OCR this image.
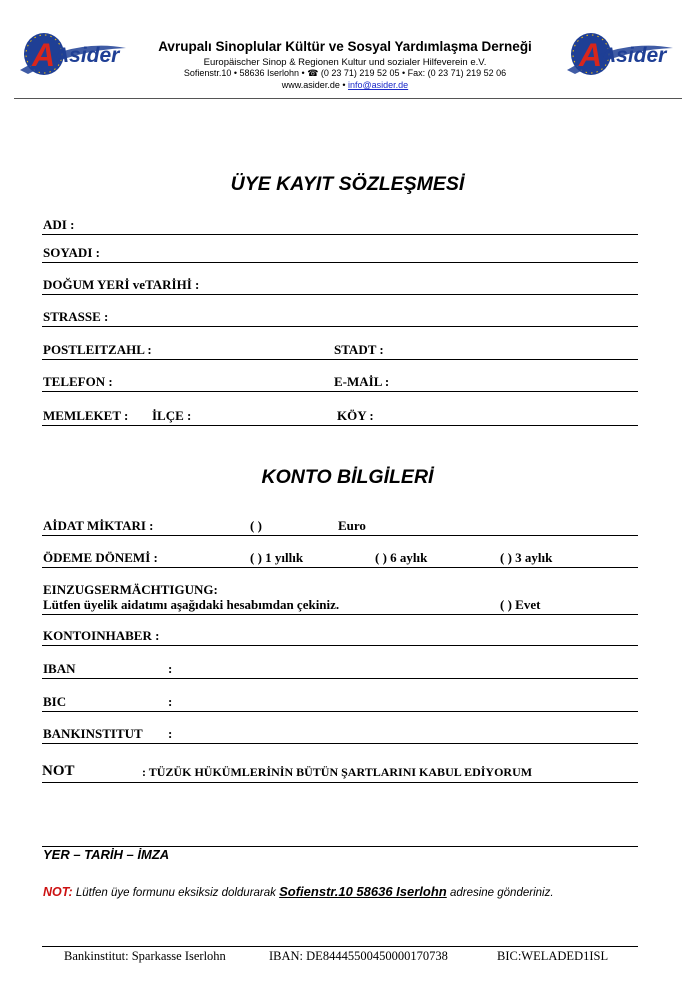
A
Asider	A
Asider
Avrupalı Sinoplular Kültür ve Sosyal Yardımlaşma Derneği
Europäischer Sinop & Regionen Kultur und sozialer Hilfeverein e.V.
Sofienstr.10 • 58636 Iserlohn • ☎ (0 23 71) 219 52 05 • Fax: (0 23 71) 219 52 06
www.asider.de • info@asider.de
ÜYE KAYIT SÖZLEŞMESİ
ADI :
SOYADI :
DOĞUM YERİ veTARİHİ :
STRASSE :
POSTLEITZAHL :	STADT :
TELEFON :	E-MAİL :
MEMLEKET : İLÇE :	KÖY :
KONTO BİLGİLERİ
AİDAT MİKTARI :	( )	Euro
ÖDEME DÖNEMİ :	( ) 1 yıllık	( ) 6 aylık	( ) 3 aylık
EINZUGSERMÄCHTIGUNG:
Lütfen üyelik aidatımı aşağıdaki hesabımdan çekiniz.	( ) Evet
KONTOINHABER :
IBAN	:
BIC	:
BANKINSTITUT :
NOT	: TÜZÜK HÜKÜMLERİNİN BÜTÜN ŞARTLARINI KABUL EDİYORUM
YER – TARİH – İMZA
NOT: Lütfen üye formunu eksiksiz doldurarak Sofienstr.10 58636 Iserlohn adresine gönderiniz.
Bankinstitut: Sparkasse Iserlohn	IBAN: DE84445500450000170738	BIC:WELADED1ISL
